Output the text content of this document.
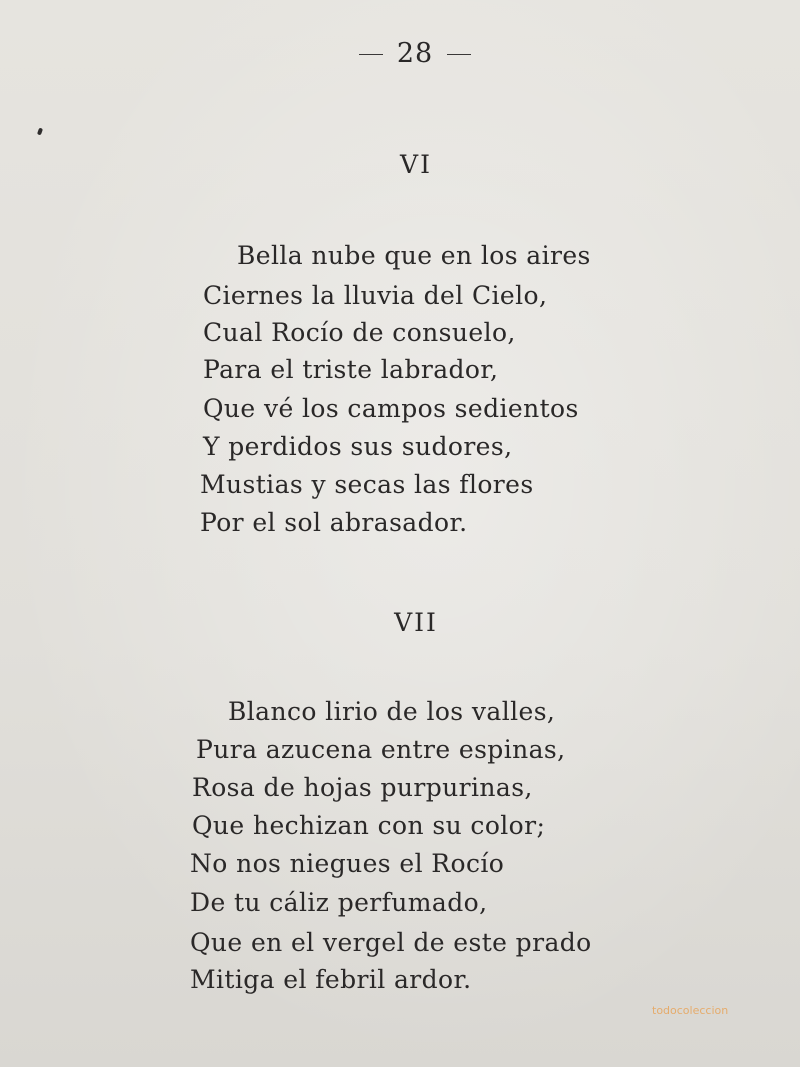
28
VI
Bella nube que en los aires
Ciernes la lluvia del Cielo,
Cual Rocío de consuelo,
Para el triste labrador,
Que vé los campos sedientos
Y perdidos sus sudores,
Mustias y secas las flores
Por el sol abrasador.
VII
Blanco lirio de los valles,
Pura azucena entre espinas,
Rosa de hojas purpurinas,
Que hechizan con su color;
No nos niegues el Rocío
De tu cáliz perfumado,
Que en el vergel de este prado
Mitiga el febril ardor.
todocoleccion
